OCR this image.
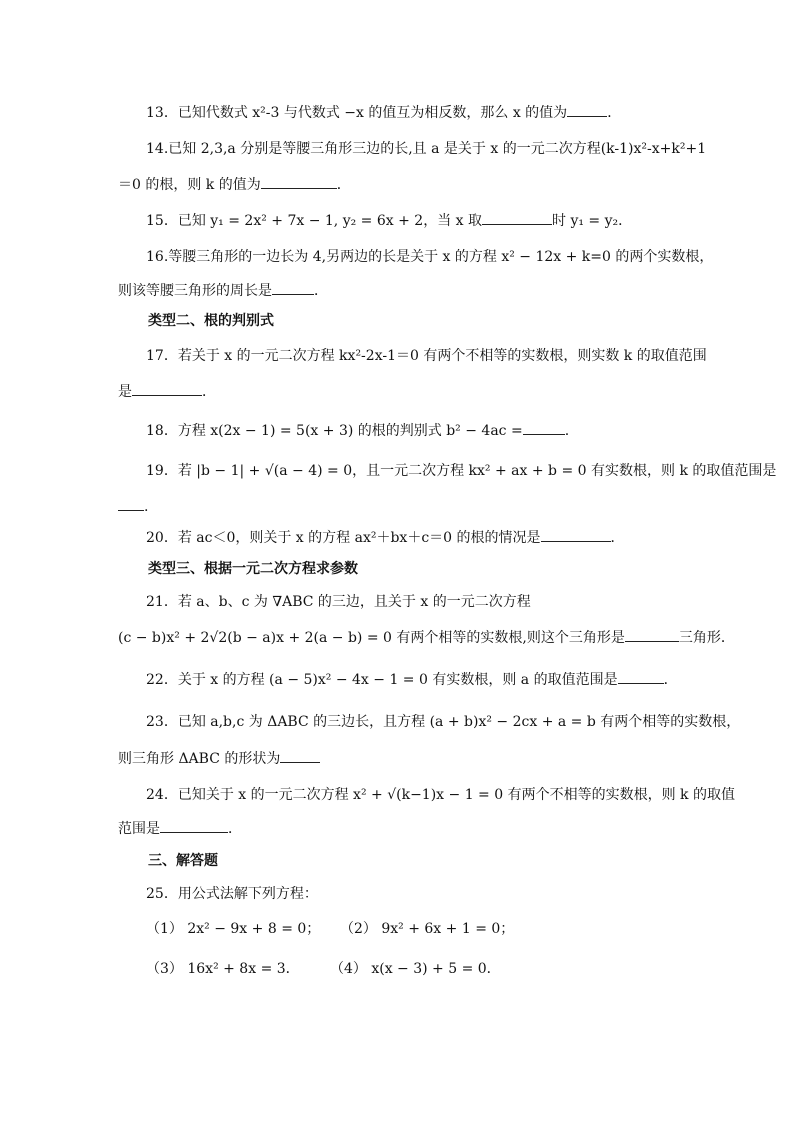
13．已知代数式 x²-3 与代数式 −x 的值互为相反数，那么 x 的值为	．
14.已知 2,3,a 分别是等腰三角形三边的长,且 a 是关于 x 的一元二次方程(k-1)x²-x+k²+1
＝0 的根，则 k 的值为	．
15．已知 y₁ = 2x² + 7x − 1, y₂ = 6x + 2，当 x 取	时 y₁ = y₂．
16.等腰三角形的一边长为 4,另两边的长是关于 x 的方程 x² − 12x + k=0 的两个实数根，
则该等腰三角形的周长是	．
类型二、根的判别式
17．若关于 x 的一元二次方程 kx²-2x-1＝0 有两个不相等的实数根，则实数 k 的取值范围
是	．
18．方程 x(2x − 1) = 5(x + 3) 的根的判别式 b² − 4ac =	.
19．若 |b − 1| + √(a − 4) = 0，且一元二次方程 kx² + ax + b = 0 有实数根，则 k 的取值范围是
.
20．若 ac＜0，则关于 x 的方程 ax²＋bx＋c＝0 的根的情况是	．
类型三、根据一元二次方程求参数
21．若 a、b、c 为 ∇ABC 的三边，且关于 x 的一元二次方程
(c − b)x² + 2√2(b − a)x + 2(a − b) = 0 有两个相等的实数根,则这个三角形是	三角形．
22．关于 x 的方程 (a − 5)x² − 4x − 1 = 0 有实数根，则 a 的取值范围是	．
23．已知 a,b,c 为 ΔABC 的三边长，且方程 (a + b)x² − 2cx + a = b 有两个相等的实数根，
则三角形 ΔABC 的形状为
24．已知关于 x 的一元二次方程 x² + √(k−1)x − 1 = 0 有两个不相等的实数根，则 k 的取值
范围是	．
三、解答题
25．用公式法解下列方程：
（1） 2x² − 9x + 8 = 0； （2） 9x² + 6x + 1 = 0；
（3） 16x² + 8x = 3． （4） x(x − 3) + 5 = 0．
